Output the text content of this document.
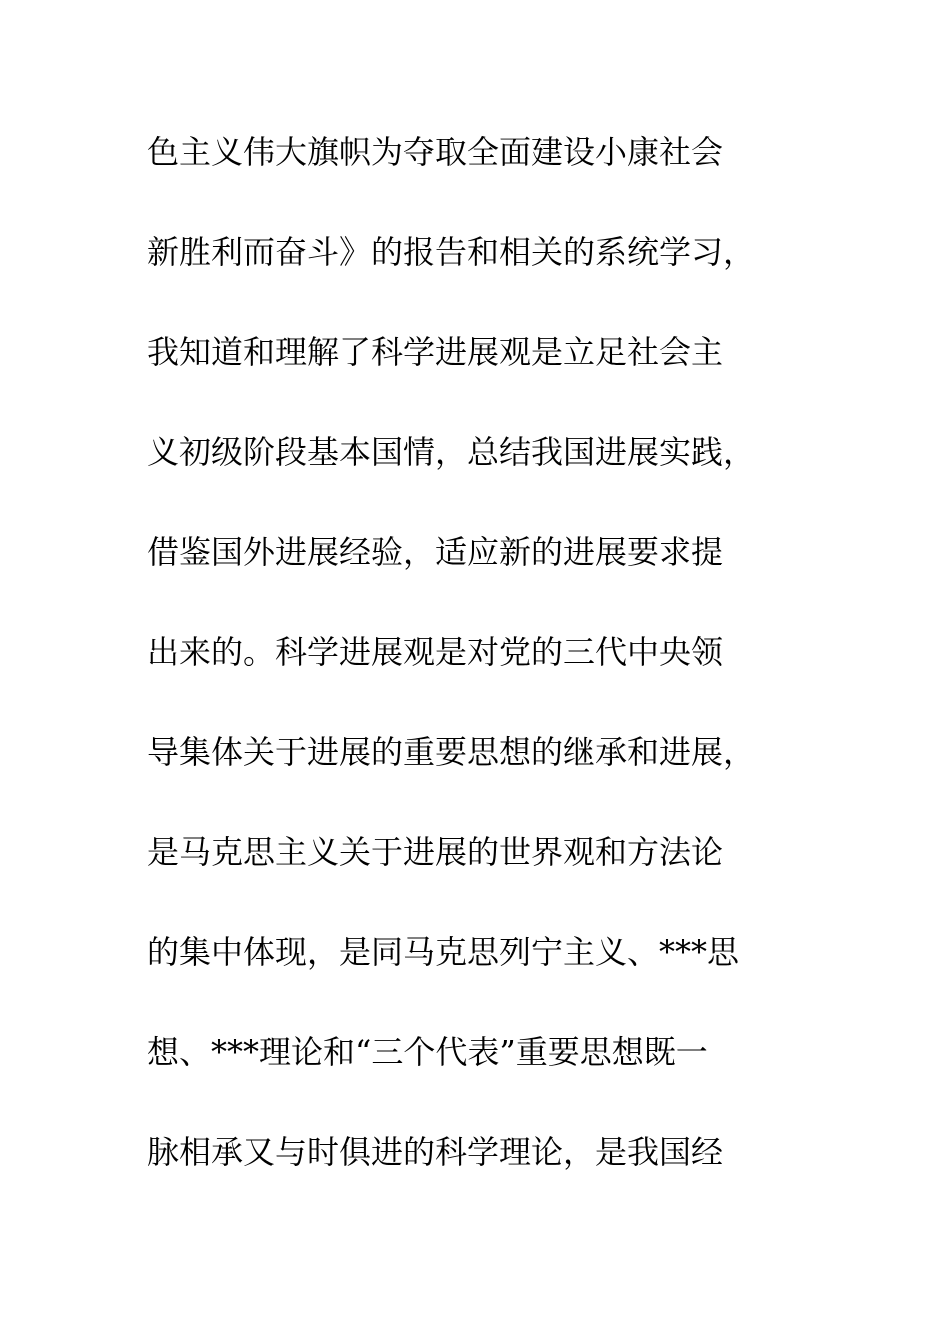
色主义伟大旗帜为夺取全面建设小康社会
新胜利而奋斗》的报告和相关的系统学习，
我知道和理解了科学进展观是立足社会主
义初级阶段基本国情，总结我国进展实践，
借鉴国外进展经验，适应新的进展要求提
出来的。科学进展观是对党的三代中央领
导集体关于进展的重要思想的继承和进展，
是马克思主义关于进展的世界观和方法论
的集中体现，是同马克思列宁主义、***思
想、***理论和“三个代表”重要思想既一
脉相承又与时俱进的科学理论，是我国经
